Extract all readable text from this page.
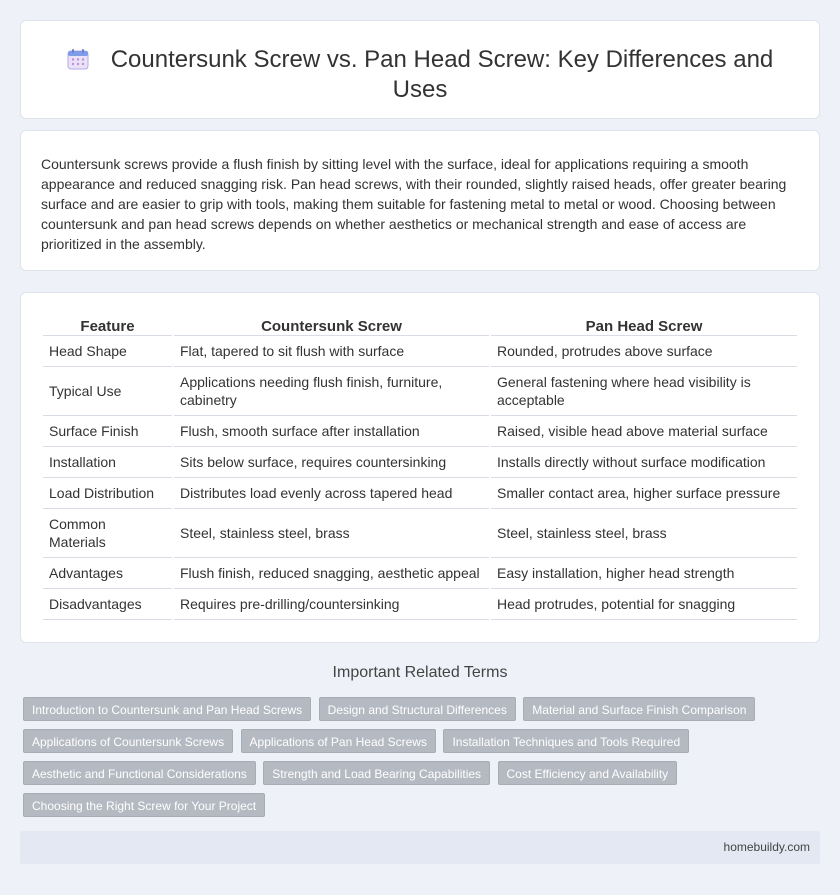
Countersunk Screw vs. Pan Head Screw: Key Differences and Uses

Countersunk screws provide a flush finish by sitting level with the surface, ideal for applications requiring a smooth appearance and reduced snagging risk. Pan head screws, with their rounded, slightly raised heads, offer greater bearing surface and are easier to grip with tools, making them suitable for fastening metal to metal or wood. Choosing between countersunk and pan head screws depends on whether aesthetics or mechanical strength and ease of access are prioritized in the assembly.

Feature	Countersunk Screw	Pan Head Screw
Head Shape	Flat, tapered to sit flush with surface	Rounded, protrudes above surface
Typical Use	Applications needing flush finish, furniture, cabinetry	General fastening where head visibility is acceptable
Surface Finish	Flush, smooth surface after installation	Raised, visible head above material surface
Installation	Sits below surface, requires countersinking	Installs directly without surface modification
Load Distribution	Distributes load evenly across tapered head	Smaller contact area, higher surface pressure
Common Materials	Steel, stainless steel, brass	Steel, stainless steel, brass
Advantages	Flush finish, reduced snagging, aesthetic appeal	Easy installation, higher head strength
Disadvantages	Requires pre-drilling/countersinking	Head protrudes, potential for snagging
Important Related Terms
Introduction to Countersunk and Pan Head Screws Design and Structural Differences Material and Surface Finish Comparison
Applications of Countersunk Screws Applications of Pan Head Screws Installation Techniques and Tools Required
Aesthetic and Functional Considerations Strength and Load Bearing Capabilities Cost Efficiency and Availability
Choosing the Right Screw for Your Project
homebuildy.com
